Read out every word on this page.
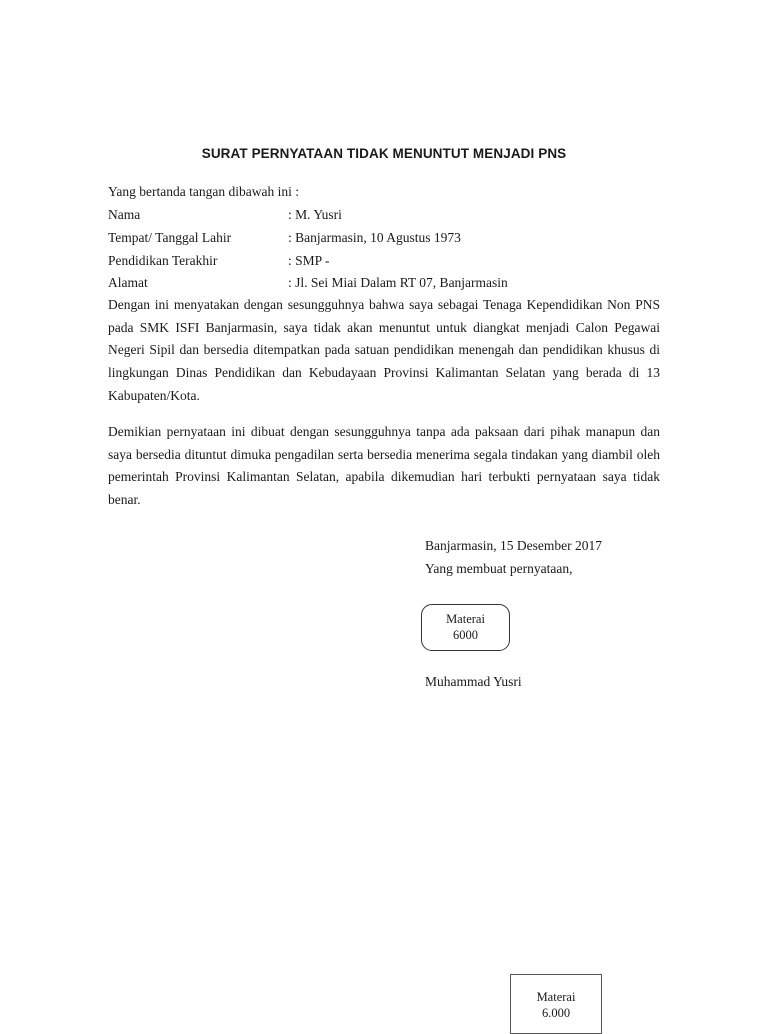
SURAT PERNYATAAN TIDAK MENUNTUT MENJADI PNS
Yang bertanda tangan dibawah ini :
Nama	: M. Yusri
Tempat/ Tanggal Lahir	: Banjarmasin, 10 Agustus 1973
Pendidikan Terakhir	: SMP -
Alamat	: Jl. Sei Miai Dalam RT 07, Banjarmasin
Dengan ini menyatakan dengan sesungguhnya bahwa saya sebagai Tenaga Kependidikan Non PNS pada SMK ISFI Banjarmasin, saya tidak akan menuntut untuk diangkat menjadi Calon Pegawai Negeri Sipil dan bersedia ditempatkan pada satuan pendidikan menengah dan pendidikan khusus di lingkungan Dinas Pendidikan dan Kebudayaan Provinsi Kalimantan Selatan yang berada di 13 Kabupaten/Kota.
Demikian pernyataan ini dibuat dengan sesungguhnya tanpa ada paksaan dari pihak manapun dan saya bersedia dituntut dimuka pengadilan serta bersedia menerima segala tindakan yang diambil oleh pemerintah Provinsi Kalimantan Selatan, apabila dikemudian hari terbukti pernyataan saya tidak benar.
Banjarmasin, 15 Desember 2017
Yang membuat pernyataan,
Materai
6000
Muhammad Yusri
Materai
6.000
